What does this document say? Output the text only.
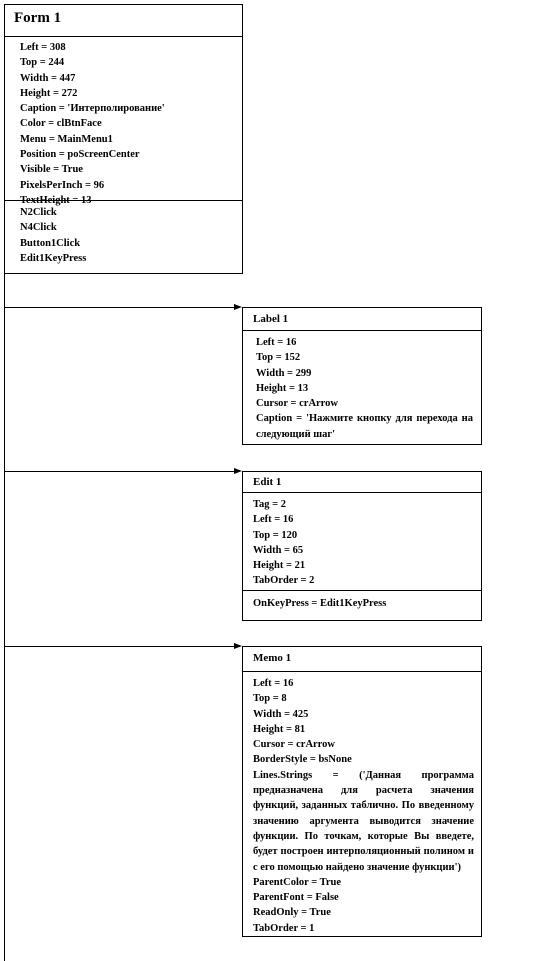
Form 1
Left = 308
Top = 244
Width = 447
Height = 272
Caption = 'Интерполирование'
Color = clBtnFace
Menu = MainMenu1
Position = poScreenCenter
Visible = True
PixelsPerInch = 96
TextHeight = 13
N2Click
N4Click
Button1Click
Edit1KeyPress
Label 1
Left = 16
Top = 152
Width = 299
Height = 13
Cursor = crArrow
Caption = 'Нажмите кнопку для перехода на следующий шаг'
Edit 1
Tag = 2
Left = 16
Top = 120
Width = 65
Height = 21
TabOrder = 2
OnKeyPress = Edit1KeyPress
Memo 1
Left = 16
Top = 8
Width = 425
Height = 81
Cursor = crArrow
BorderStyle = bsNone
Lines.Strings = ('Данная программа предназначена для расчета значения функций, заданных таблично. По введенному значению аргумента выводится значение функции. По точкам, которые Вы введете, будет построен интерполяционный полином и с его помощью найдено значение функции')
ParentColor = True
ParentFont = False
ReadOnly = True
TabOrder = 1
